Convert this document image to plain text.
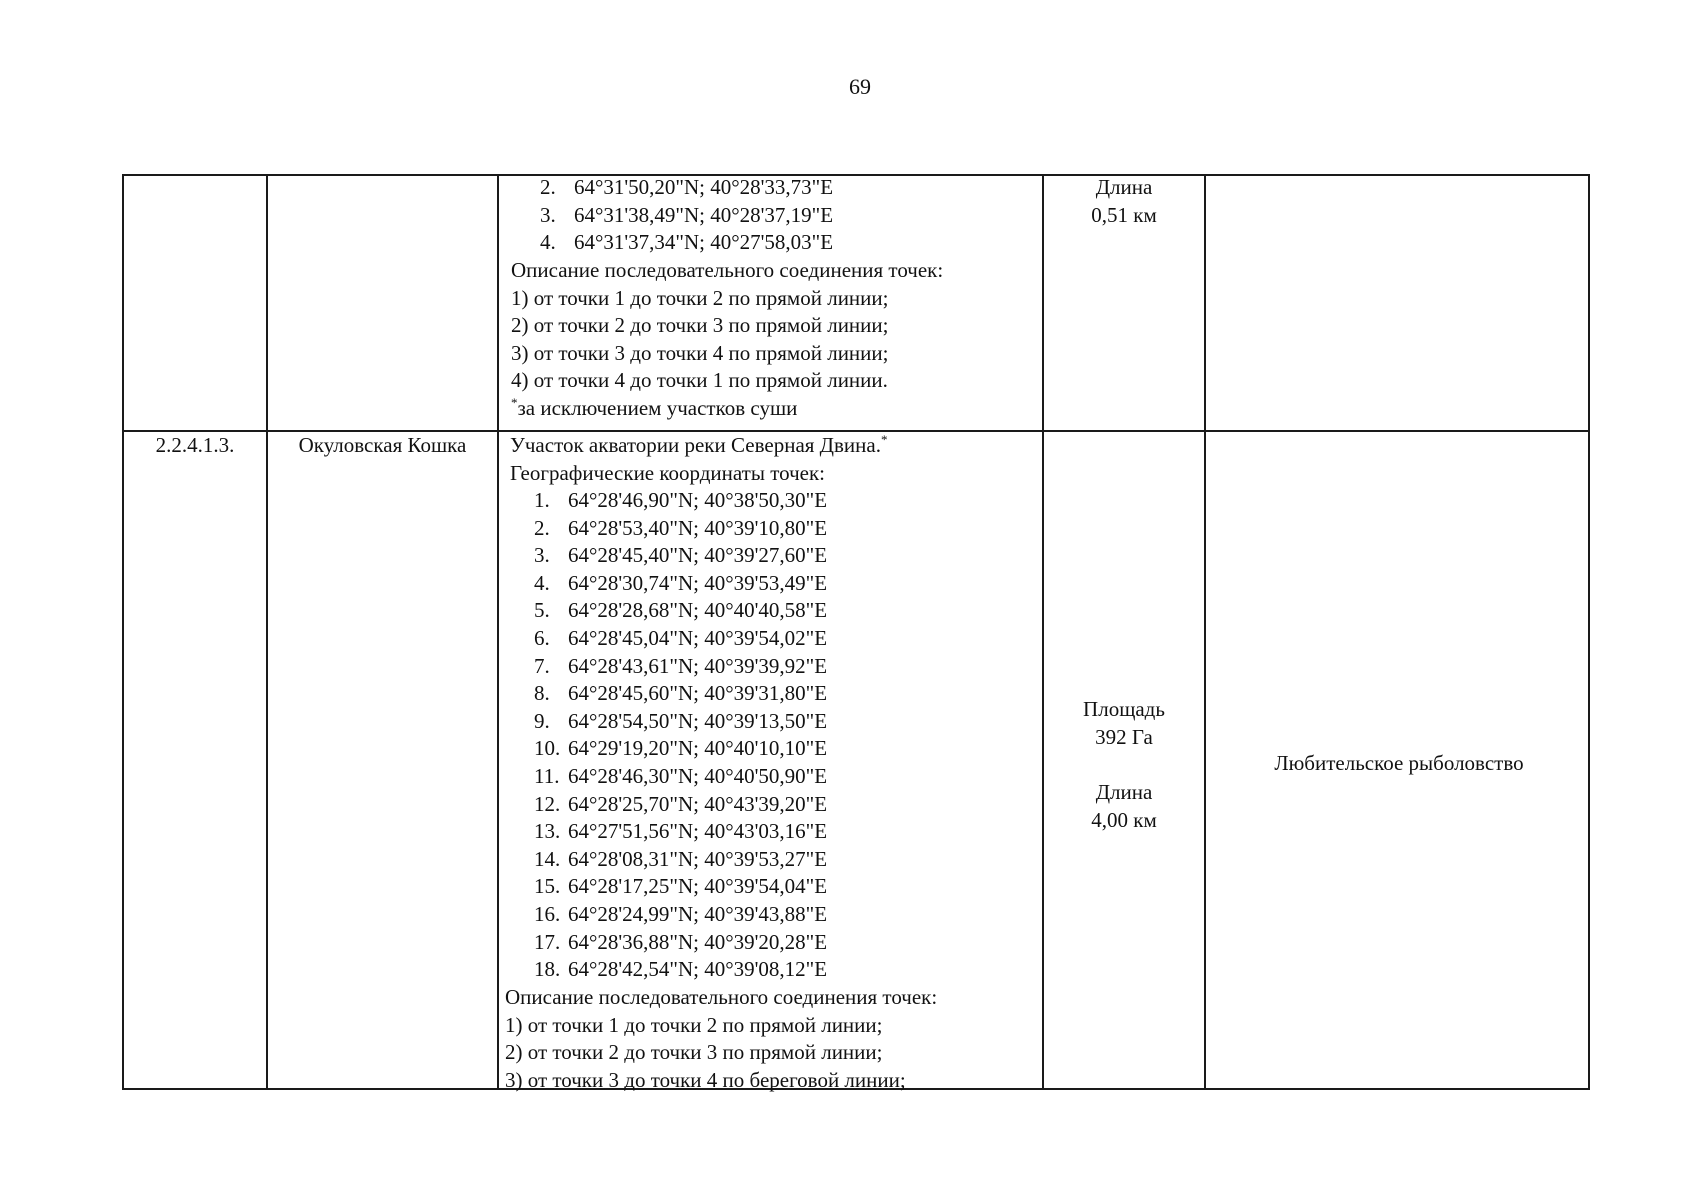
69
2. 64°31'50,20"N; 40°28'33,73"E
3. 64°31'38,49"N; 40°28'37,19"E
4. 64°31'37,34"N; 40°27'58,03"E
Описание последовательного соединения точек:
1) от точки 1 до точки 2 по прямой линии;
2) от точки 2 до точки 3 по прямой линии;
3) от точки 3 до точки 4 по прямой линии;
4) от точки 4 до точки 1 по прямой линии.
*за исключением участков суши
Длина
0,51 км
2.2.4.1.3.	Окуловская Кошка	Участок акватории реки Северная Двина.*
Географические координаты точек:
1. 64°28'46,90"N; 40°38'50,30"E
2. 64°28'53,40"N; 40°39'10,80"E
3. 64°28'45,40"N; 40°39'27,60"E
4. 64°28'30,74"N; 40°39'53,49"E
5. 64°28'28,68"N; 40°40'40,58"E
6. 64°28'45,04"N; 40°39'54,02"E
7. 64°28'43,61"N; 40°39'39,92"E
8. 64°28'45,60"N; 40°39'31,80"E
9. 64°28'54,50"N; 40°39'13,50"E
10. 64°29'19,20"N; 40°40'10,10"E
11. 64°28'46,30"N; 40°40'50,90"E
12. 64°28'25,70"N; 40°43'39,20"E
13. 64°27'51,56"N; 40°43'03,16"E
14. 64°28'08,31"N; 40°39'53,27"E
15. 64°28'17,25"N; 40°39'54,04"E
16. 64°28'24,99"N; 40°39'43,88"E
17. 64°28'36,88"N; 40°39'20,28"E
18. 64°28'42,54"N; 40°39'08,12"E
Описание последовательного соединения точек:
1) от точки 1 до точки 2 по прямой линии;
2) от точки 2 до точки 3 по прямой линии;
3) от точки 3 до точки 4 по береговой линии;
Площадь
392 Га
Длина
4,00 км
Любительское рыболовство
